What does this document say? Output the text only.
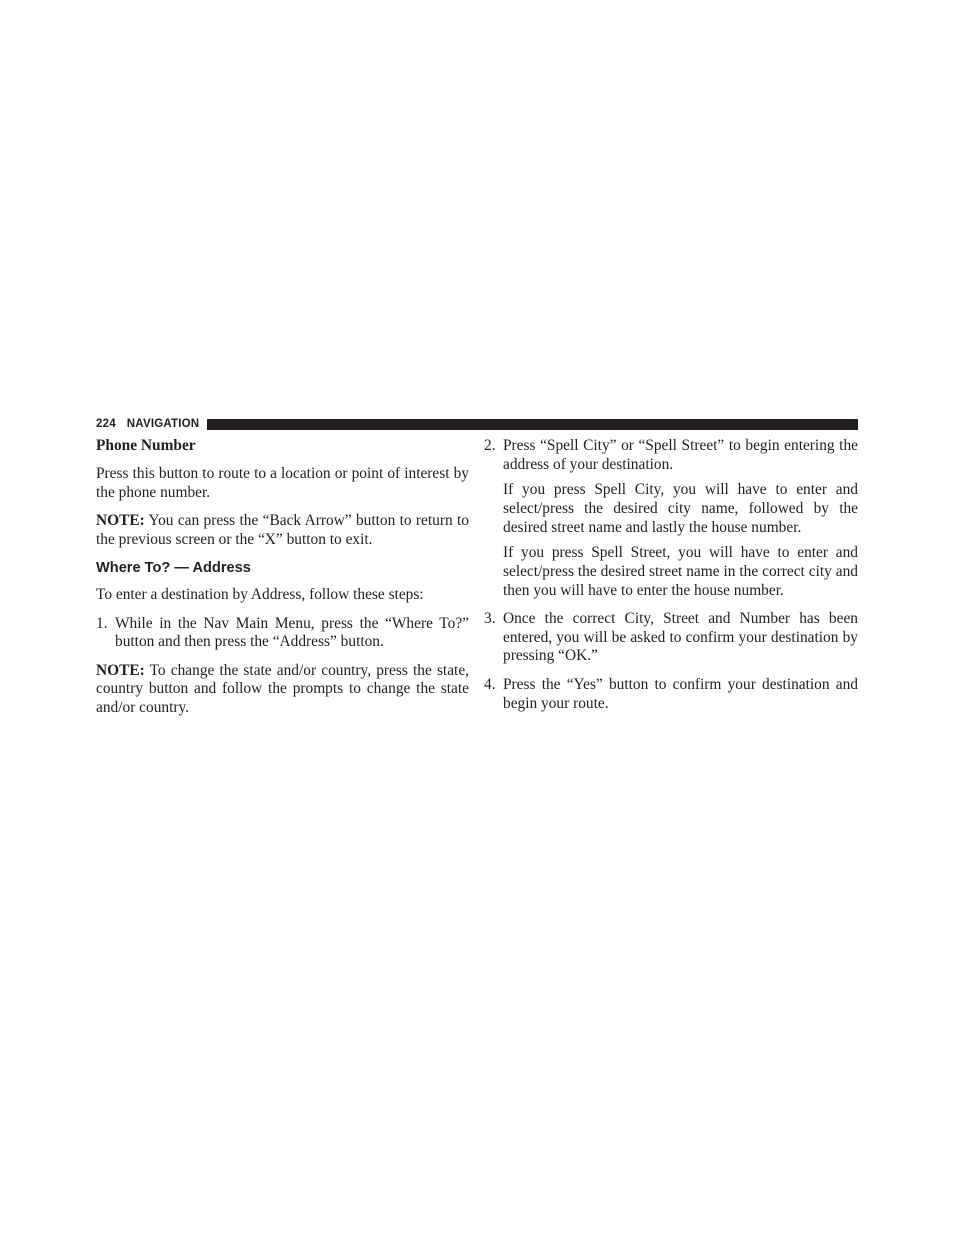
224 NAVIGATION
Phone Number

Press this button to route to a location or point of interest by the phone number.

NOTE: You can press the “Back Arrow” button to return to the previous screen or the “X” button to exit.

Where To? — Address

To enter a destination by Address, follow these steps:

1. While in the Nav Main Menu, press the “Where To?” button and then press the “Address” button.

NOTE: To change the state and/or country, press the state, country button and follow the prompts to change the state and/or country.

2. Press “Spell City” or “Spell Street” to begin entering the address of your destination.

If you press Spell City, you will have to enter and select/press the desired city name, followed by the desired street name and lastly the house number.

If you press Spell Street, you will have to enter and select/press the desired street name in the correct city and then you will have to enter the house number.

3. Once the correct City, Street and Number has been entered, you will be asked to confirm your destination by pressing “OK.”

4. Press the “Yes” button to confirm your destination and begin your route.
